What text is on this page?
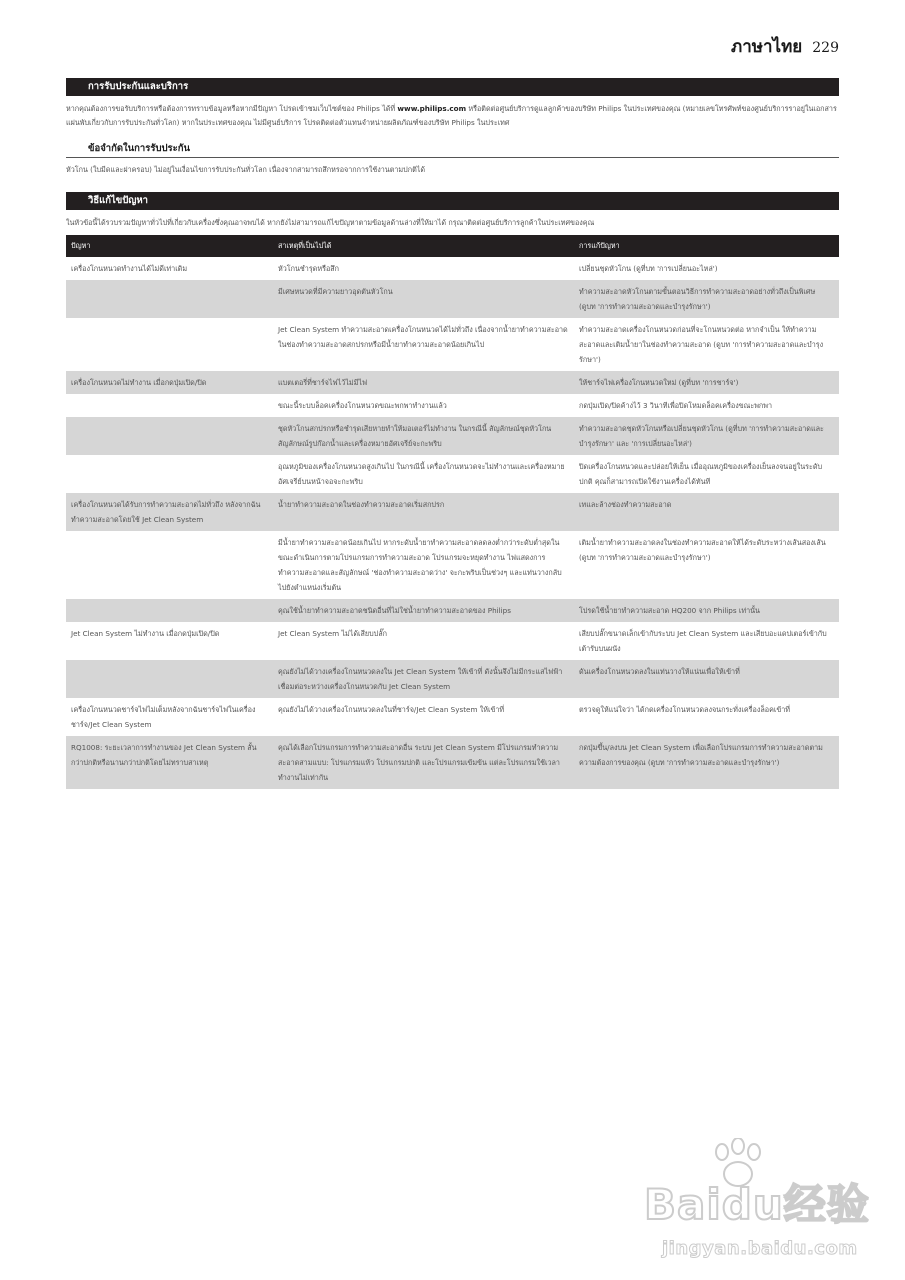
ภาษาไทย 229
การรับประกันและบริการ
หากคุณต้องการขอรับบริการหรือต้องการทราบข้อมูลหรือหากมีปัญหา โปรดเข้าชมเว็บไซต์ของ Philips ได้ที่ www.philips.com หรือติดต่อศูนย์บริการดูแลลูกค้าของบริษัท Philips ในประเทศของคุณ (หมายเลขโทรศัพท์ของศูนย์บริการราอยู่ในเอกสารแผ่นพับเกี่ยวกับการรับประกันทั่วโลก) หากในประเทศของคุณ ไม่มีศูนย์บริการ โปรดติดต่อตัวแทนจำหน่ายผลิตภัณฑ์ของบริษัท Philips ในประเทศ
ข้อจำกัดในการรับประกัน
หัวโกน (ใบมีดและฝาครอบ) ไม่อยู่ในเงื่อนไขการรับประกันทั่วโลก เนื่องจากสามารถสึกหรอจากการใช้งานตามปกติได้
วิธีแก้ไขปัญหา
ในหัวข้อนี้ได้รวบรวมปัญหาทั่วไปที่เกี่ยวกับเครื่องซึ่งคุณอาจพบได้ หากยังไม่สามารถแก้ไขปัญหาตามข้อมูลด้านล่างที่ให้มาได้ กรุณาติดต่อศูนย์บริการลูกค้าในประเทศของคุณ
ปัญหา	สาเหตุที่เป็นไปได้	การแก้ปัญหา
เครื่องโกนหนวดทำงานได้ไม่ดีเท่าเดิม	หัวโกนชำรุดหรือสึก	เปลี่ยนชุดหัวโกน (ดูที่บท 'การเปลี่ยนอะไหล่')
	มีเศษหนวดที่มีความยาวอุดตันหัวโกน	ทำความสะอาดหัวโกนตามขั้นตอนวิธีการทำความสะอาดอย่างทั่วถึงเป็นพิเศษ (ดูบท 'การทำความสะอาดและบำรุงรักษา')
	Jet Clean System ทำความสะอาดเครื่องโกนหนวดได้ไม่ทั่วถึง เนื่องจากน้ำยาทำความสะอาดในช่องทำความสะอาดสกปรกหรือมีน้ำยาทำความสะอาดน้อยเกินไป	ทำความสะอาดเครื่องโกนหนวดก่อนที่จะโกนหนวดต่อ หากจำเป็น ให้ทำความสะอาดและเติมน้ำยาในช่องทำความสะอาด (ดูบท 'การทำความสะอาดและบำรุงรักษา')
เครื่องโกนหนวดไม่ทำงาน เมื่อกดปุ่มเปิด/ปิด	แบตเตอรี่ที่ชาร์จไฟไว้ไม่มีไฟ	ให้ชาร์จไฟเครื่องโกนหนวดใหม่ (ดูที่บท 'การชาร์จ')
	ขณะนี้ระบบล็อคเครื่องโกนหนวดขณะพกพาทำงานแล้ว	กดปุ่มเปิด/ปิดค้างไว้ 3 วินาทีเพื่อปิดโหมดล็อคเครื่องขณะพกพา
	ชุดหัวโกนสกปรกหรือชำรุดเสียหายทำให้มอเตอร์ไม่ทำงาน ในกรณีนี้ สัญลักษณ์ชุดหัวโกน สัญลักษณ์รูปก๊อกน้ำและเครื่องหมายอัศเจรีย์จะกะพริบ	ทำความสะอาดชุดหัวโกนหรือเปลี่ยนชุดหัวโกน (ดูที่บท 'การทำความสะอาดและบำรุงรักษา' และ 'การเปลี่ยนอะไหล่')
	อุณหภูมิของเครื่องโกนหนวดสูงเกินไป ในกรณีนี้ เครื่องโกนหนวดจะไม่ทำงานและเครื่องหมายอัศเจรีย์บนหน้าจอจะกะพริบ	ปิดเครื่องโกนหนวดและปล่อยให้เย็น เมื่ออุณหภูมิของเครื่องเย็นลงจนอยู่ในระดับปกติ คุณก็สามารถเปิดใช้งานเครื่องได้ทันที
เครื่องโกนหนวดได้รับการทำความสะอาดไม่ทั่วถึง หลังจากฉันทำความสะอาดโดยใช้ Jet Clean System	น้ำยาทำความสะอาดในช่องทำความสะอาดเริ่มสกปรก	เทและล้างช่องทำความสะอาด
	มีน้ำยาทำความสะอาดน้อยเกินไป หากระดับน้ำยาทำความสะอาดลดลงต่ำกว่าระดับต่ำสุดในขณะดำเนินการตามโปรแกรมการทำความสะอาด โปรแกรมจะหยุดทำงาน ไฟแสดงการทำความสะอาดและสัญลักษณ์ 'ช่องทำความสะอาดว่าง' จะกะพริบเป็นช่วงๆ และแท่นวางกลับไปยังตำแหน่งเริ่มต้น	เติมน้ำยาทำความสะอาดลงในช่องทำความสะอาดให้ได้ระดับระหว่างเส้นสองเส้น (ดูบท 'การทำความสะอาดและบำรุงรักษา')
	คุณใช้น้ำยาทำความสะอาดชนิดอื่นที่ไม่ใช่น้ำยาทำความสะอาดของ Philips	โปรดใช้น้ำยาทำความสะอาด HQ200 จาก Philips เท่านั้น
Jet Clean System ไม่ทำงาน เมื่อกดปุ่มเปิด/ปิด	Jet Clean System ไม่ได้เสียบปลั๊ก	เสียบปลั๊กขนาดเล็กเข้ากับระบบ Jet Clean System และเสียบอะแดปเตอร์เข้ากับเต้ารับบนผนัง
	คุณยังไม่ได้วางเครื่องโกนหนวดลงใน Jet Clean System ให้เข้าที่ ดังนั้นจึงไม่มีกระแสไฟฟ้าเชื่อมต่อระหว่างเครื่องโกนหนวดกับ Jet Clean System	ดันเครื่องโกนหนวดลงในแท่นวางให้แน่นเพื่อให้เข้าที่
เครื่องโกนหนวดชาร์จไฟไม่เต็มหลังจากฉันชาร์จไฟในเครื่องชาร์จ/Jet Clean System	คุณยังไม่ได้วางเครื่องโกนหนวดลงในที่ชาร์จ/Jet Clean System ให้เข้าที่	ตรวจดูให้แน่ใจว่า ได้กดเครื่องโกนหนวดลงจนกระทั่งเครื่องล็อคเข้าที่
RQ1008: ระยะเวลาการทำงานของ Jet Clean System สั้นกว่าปกติหรือนานกว่าปกติโดยไม่ทราบสาเหตุ	คุณได้เลือกโปรแกรมการทำความสะอาดอื่น ระบบ Jet Clean System มีโปรแกรมทำความสะอาดสามแบบ: โปรแกรมแห้ว โปรแกรมปกติ และโปรแกรมเข้มข้น แต่ละโปรแกรมใช้เวลาทำงานไม่เท่ากัน	กดปุ่มขึ้น/ลงบน Jet Clean System เพื่อเลือกโปรแกรมการทำความสะอาดตามความต้องการของคุณ (ดูบท 'การทำความสะอาดและบำรุงรักษา')
Baidu经验
jingyan.baidu.com
